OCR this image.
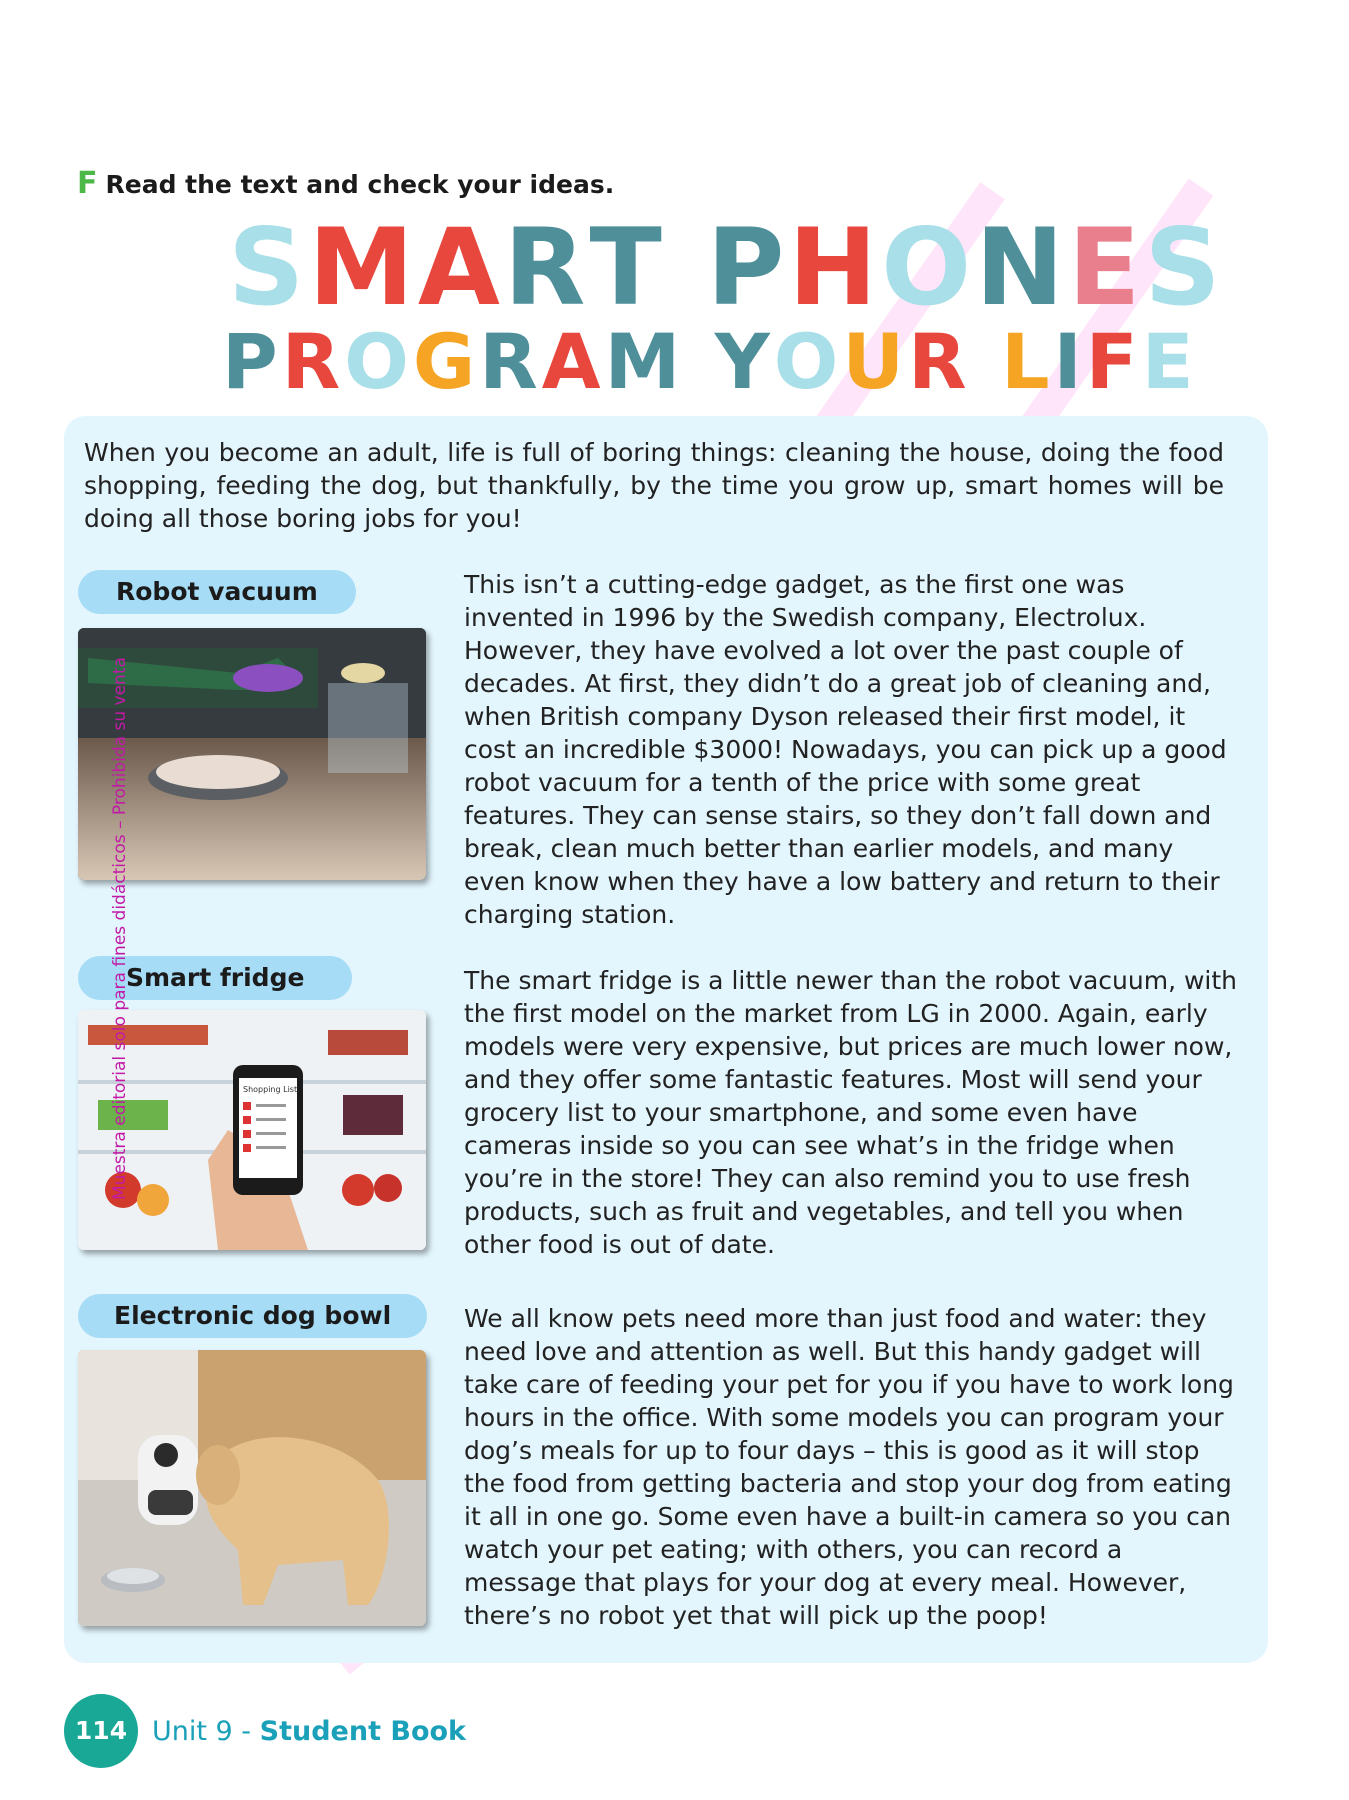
F Read the text and check your ideas.
SMART PHONES
PROGRAM YOUR LIFE
When you become an adult, life is full of boring things: cleaning the house, doing the food shopping, feeding the dog, but thankfully, by the time you grow up, smart homes will be doing all those boring jobs for you!
Robot vacuum	This isn’t a cutting-edge gadget, as the first one was invented in 1996 by the Swedish company, Electrolux. However, they have evolved a lot over the past couple of decades. At first, they didn’t do a great job of cleaning and, when British company Dyson released their first model, it cost an incredible $3000! Nowadays, you can pick up a good robot vacuum for a tenth of the price with some great features. They can sense stairs, so they don’t fall down and break, clean much better than earlier models, and many even know when they have a low battery and return to their charging station.
Smart fridge
Shopping List
The smart fridge is a little newer than the robot vacuum, with the first model on the market from LG in 2000. Again, early models were very expensive, but prices are much lower now, and they offer some fantastic features. Most will send your grocery list to your smartphone, and some even have cameras inside so you can see what’s in the fridge when you’re in the store! They can also remind you to use fresh products, such as fruit and vegetables, and tell you when other food is out of date.
Electronic dog bowl	We all know pets need more than just food and water: they need love and attention as well. But this handy gadget will take care of feeding your pet for you if you have to work long hours in the office. With some models you can program your dog’s meals for up to four days – this is good as it will stop the food from getting bacteria and stop your dog from eating it all in one go. Some even have a built-in camera so you can watch your pet eating; with others, you can record a message that plays for your dog at every meal. However, there’s no robot yet that will pick up the poop!
Muestra editorial solo para fines didácticos – Prohibida su venta
114 Unit 9 - Student Book
